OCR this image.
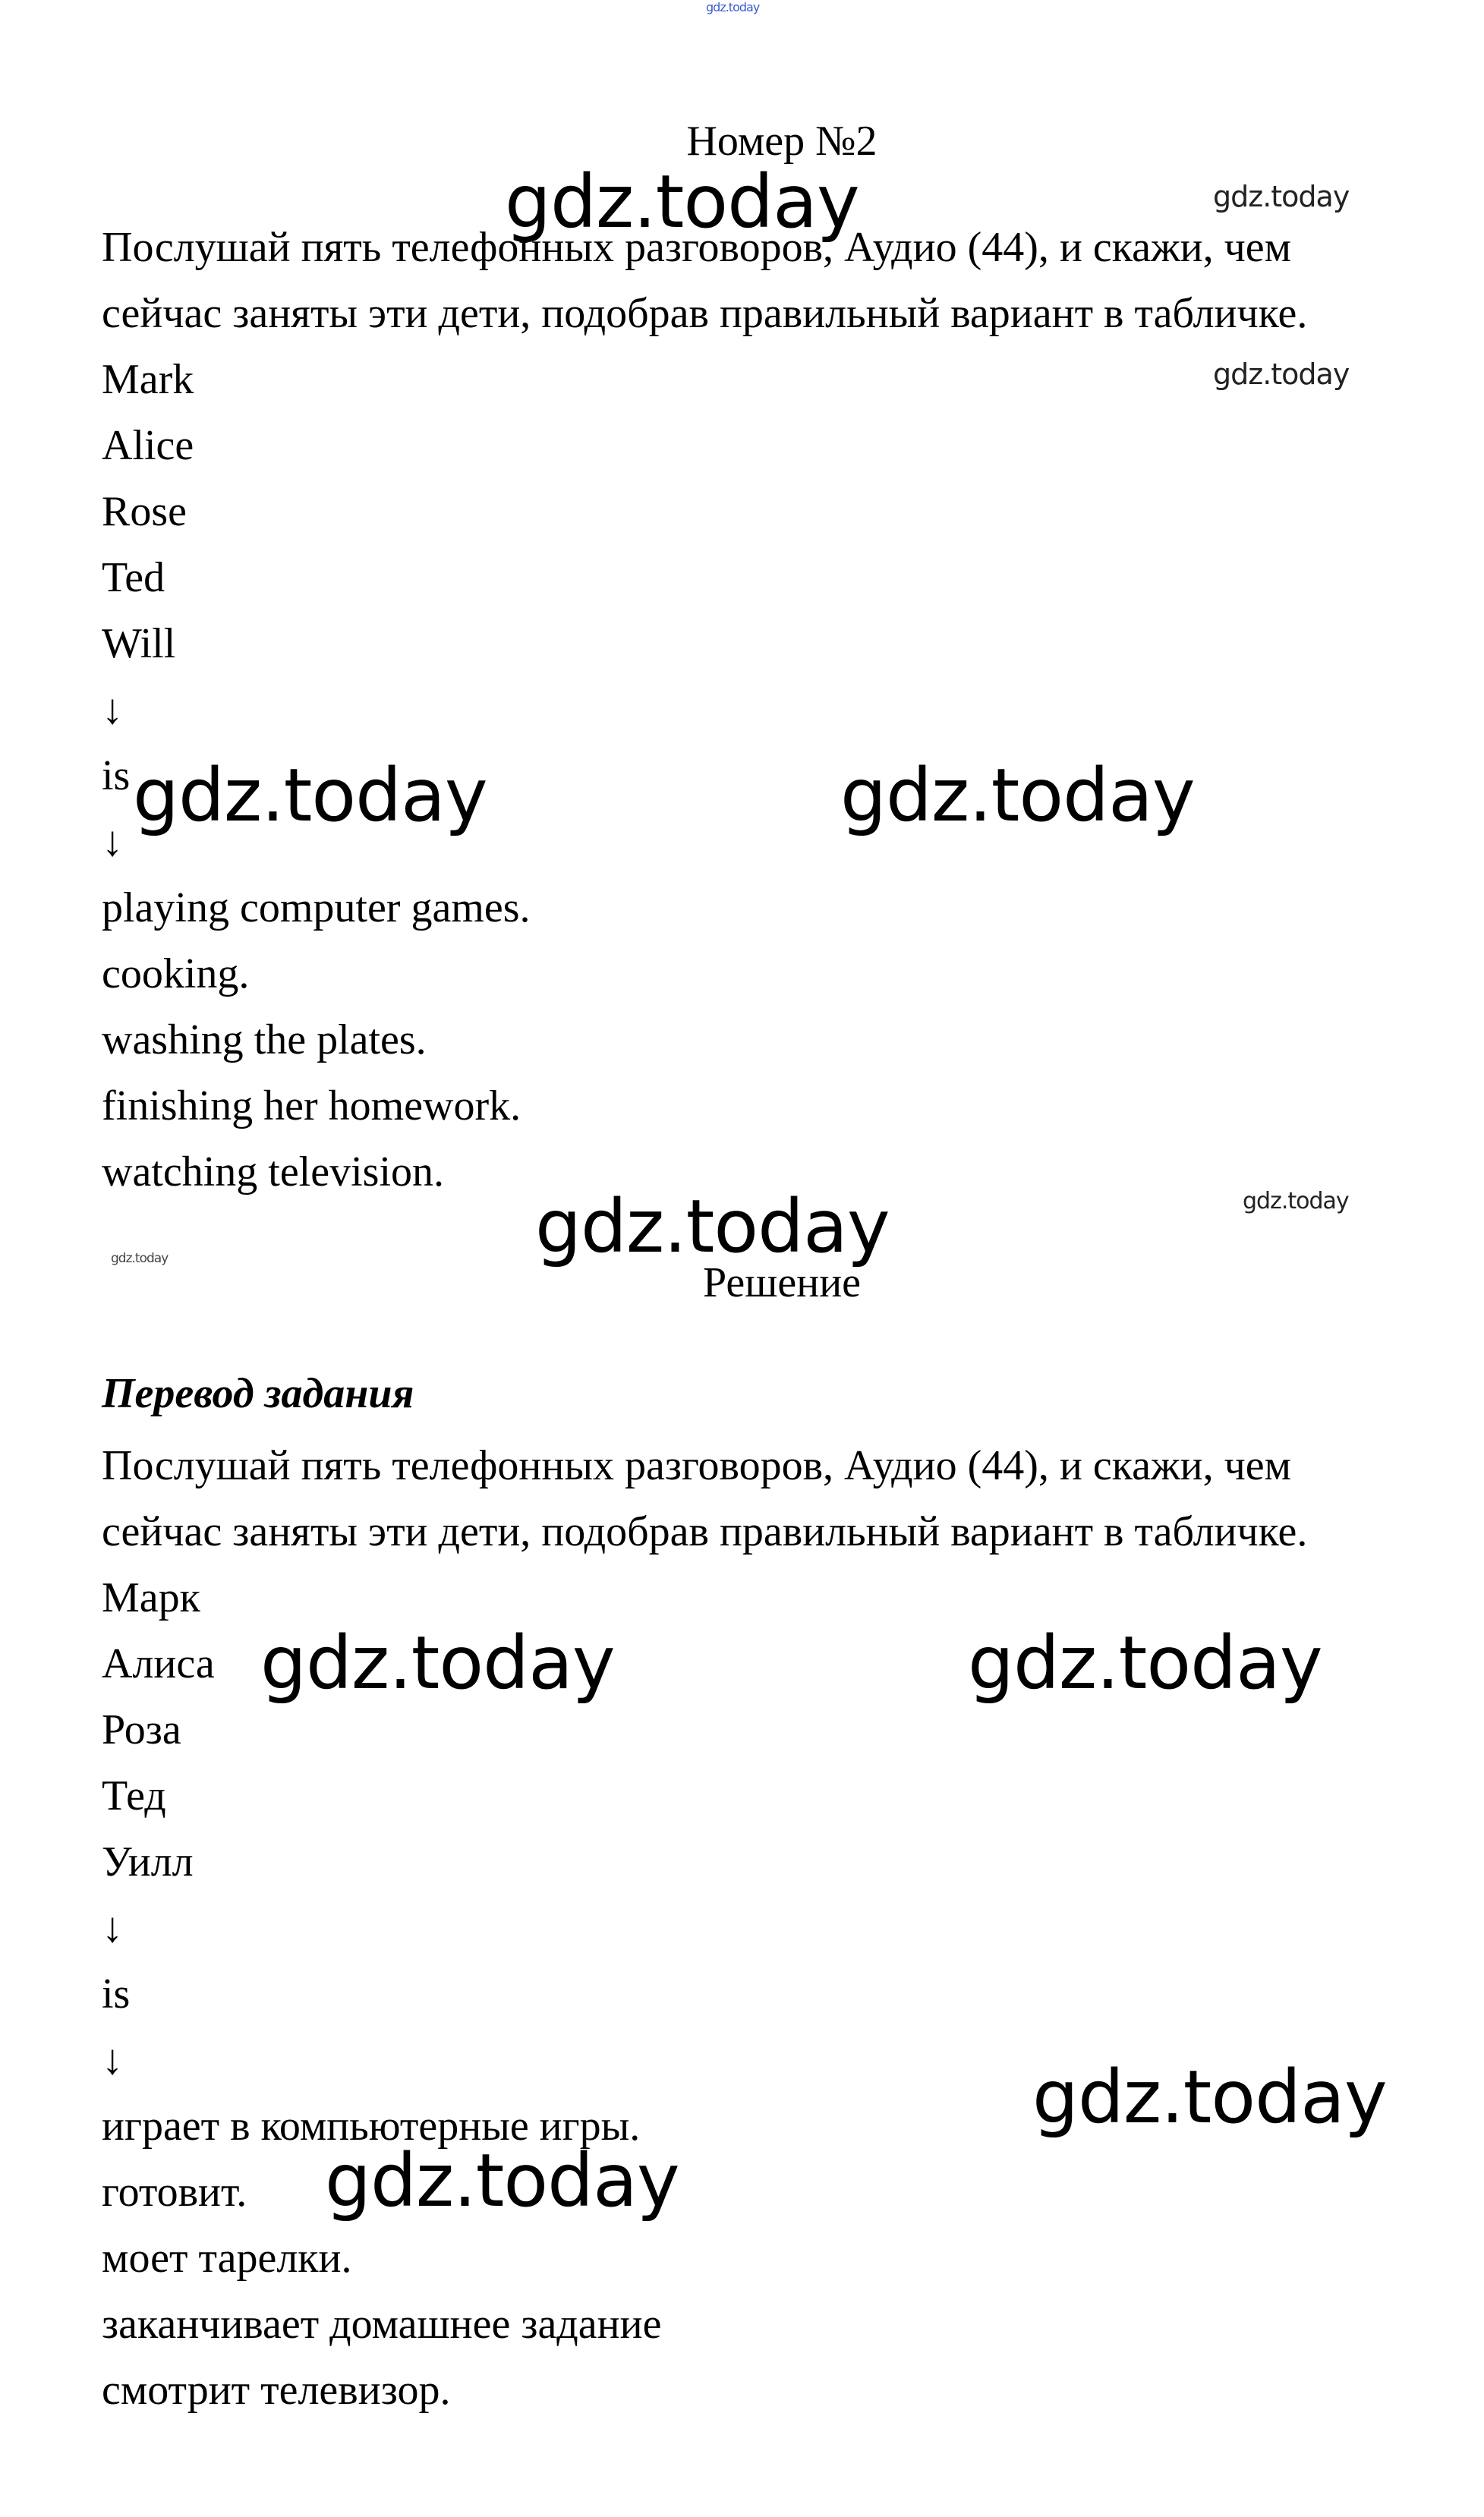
gdz.today
gdz.today	gdz.today
gdz.today
gdz.today	gdz.today
gdz.today	gdz.today
gdz.today
gdz.today	gdz.today
gdz.today
gdz.today
Номер №2
Послушай пять телефонных разговоров, Аудио (44), и скажи, чем
сейчас заняты эти дети, подобрав правильный вариант в табличке.
Mark
Alice
Rose
Ted
Will
↓
is
↓
playing computer games.
cooking.
washing the plates.
finishing her homework.
watching television.
Решение
Перевод задания
Послушай пять телефонных разговоров, Аудио (44), и скажи, чем
сейчас заняты эти дети, подобрав правильный вариант в табличке.
Марк
Алиса
Роза
Тед
Уилл
↓
is
↓
играет в компьютерные игры.
готовит.
моет тарелки.
заканчивает домашнее задание
смотрит телевизор.
